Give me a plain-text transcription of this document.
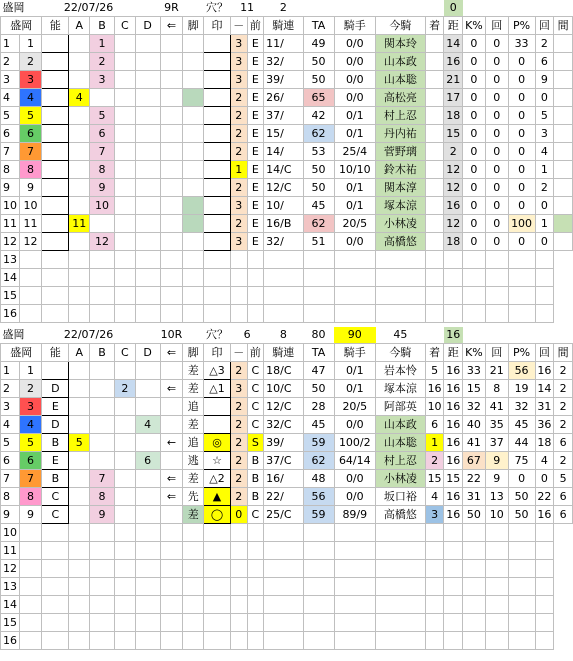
盛岡		22/07/26					9R		穴？	11		2					0					
盛岡		能	A	B	C	D	⇐	脚	印	－	前	騎連	TA	騎手	今騎	着	距	K%	回	P%	回	間
1	1			1						3	E	11/	49	0/0	関本玲		14	0	0	33	2	
2	2			2						3	E	32/	50	0/0	山本政		16	0	0	0	6	
3	3			3						3	E	39/	50	0/0	山本聡		21	0	0	0	9	
4	4		4							2	E	26/	65	0/0	高松亮		17	0	0	0	0	
5	5			5						2	E	37/	42	0/1	村上忍		18	0	0	0	5	
6	6			6						2	E	15/	62	0/1	丹内祐		15	0	0	0	3	
7	7			7						2	E	14/	53	25/4	菅野璃		2	0	0	0	4	
8	8			8						1	E	14/C	50	10/10	鈴木祐		12	0	0	0	1	
9	9			9						2	E	12/C	50	0/1	関本淳		12	0	0	0	2	
10	10			10						3	E	10/	45	0/1	塚本涼		16	0	0	0	0	
11	11		11							2	E	16/B	62	20/5	小林凌		12	0	0	100	1	
12	12			12						3	E	32/	51	0/0	高橋悠		18	0	0	0	0	
13																						
14																						
15																						
16																						
盛岡		22/07/26					10R		穴？	6		8	80	90	45		16					
盛岡		能	A	B	C	D	⇐	脚	印	－	前	騎連	TA	騎手	今騎	着	距	K%	回	P%	回	間
1	1							差	△3	2	C	18/C	47	0/1	岩本怜	5	16	33	21	56	16	2
2	2	D			2		⇐	差	△1	3	C	10/C	50	0/1	塚本涼	16	16	15	8	19	14	2
3	3	E						追		2	C	12/C	28	20/5	阿部英	10	16	32	41	32	31	2
4	4	D				4		差		2	C	32/C	45	0/0	山本政	6	16	40	35	45	36	2
5	5	B	5				←	追	◎	2	S	39/	59	100/2	山本聡	1	16	41	37	44	18	6
6	6	E				6		逃	☆	2	B	37/C	62	64/14	村上忍	2	16	67	9	75	4	2
7	7	B		7			⇐	差	△2	2	B	16/	48	0/0	小林凌	15	15	22	9	0	0	5
8	8	C		8			⇐	先	▲	2	B	22/	56	0/0	坂口裕	4	16	31	13	50	22	6
9	9	C		9				差	◯	0	C	25/C	59	89/9	高橋悠	3	16	50	10	50	16	6
10																						
11																						
12																						
13																						
14																						
15																						
16																						
